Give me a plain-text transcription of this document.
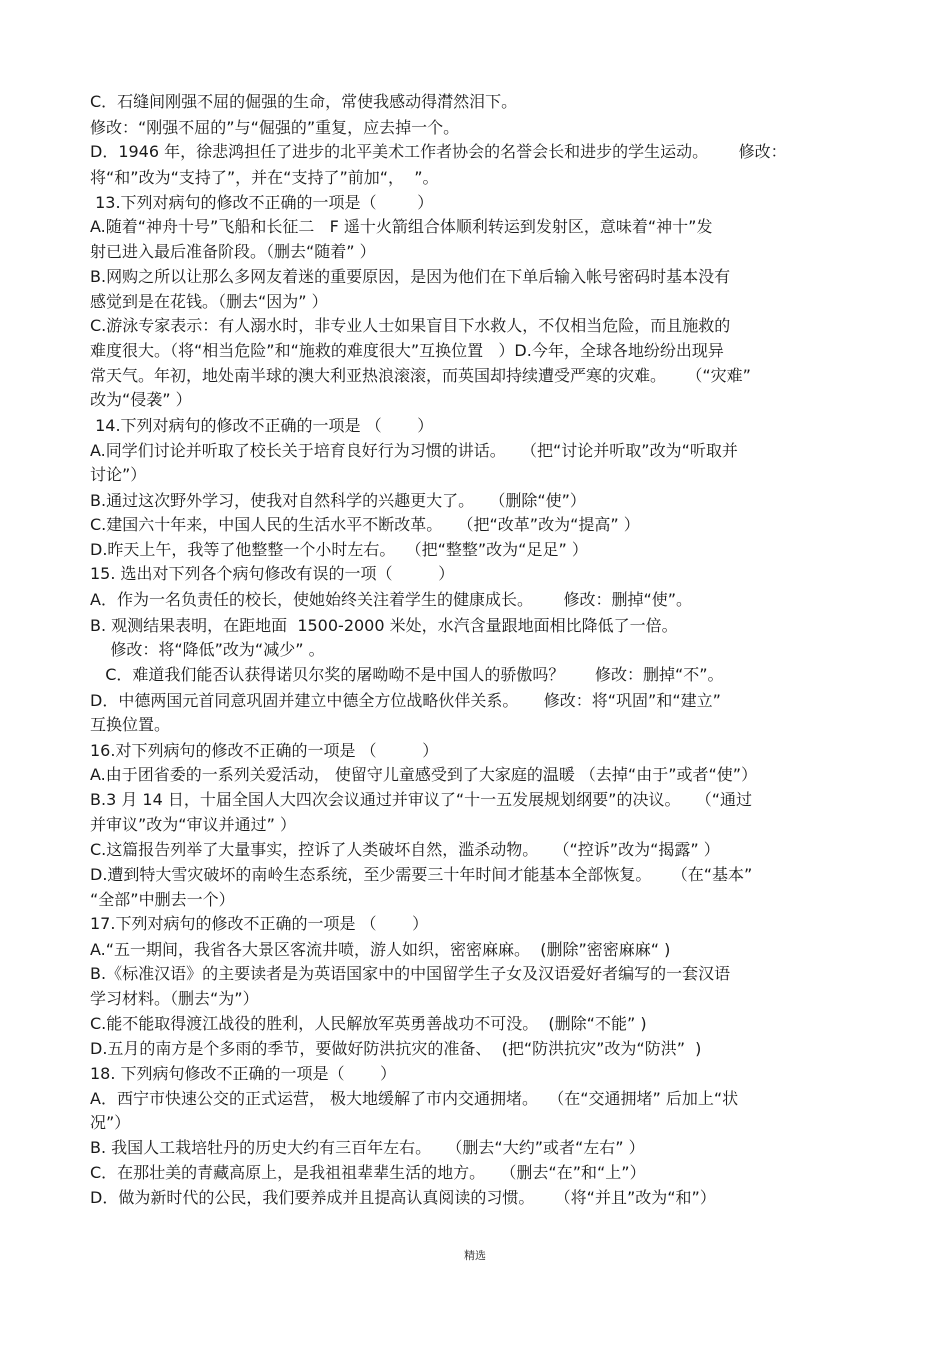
C．石缝间刚强不屈的倔强的生命，常使我感动得潸然泪下。
修改：“刚强不屈的”与“倔强的”重复，应去掉一个。
D．1946 年，徐悲鸿担任了进步的北平美术工作者协会的名誉会长和进步的学生运动。      修改：
将“和”改为“支持了”，并在“支持了”前加“，  ”。
13.下列对病句的修改不正确的一项是（        ）
A.随着“神舟十号”飞船和长征二   F 遥十火箭组合体顺利转运到发射区，意味着“神十”发
射已进入最后准备阶段。（删去“随着” ）
B.网购之所以让那么多网友着迷的重要原因，是因为他们在下单后输入帐号密码时基本没有
感觉到是在花钱。（删去“因为” ）
C.游泳专家表示：有人溺水时，非专业人士如果盲目下水救人，不仅相当危险，而且施救的
难度很大。（将“相当危险”和“施救的难度很大”互换位置   ）D.今年，全球各地纷纷出现异
常天气。年初，地处南半球的澳大利亚热浪滚滚，而英国却持续遭受严寒的灾难。    （“灾难”
改为“侵袭” ）
14.下列对病句的修改不正确的一项是 （       ）
A.同学们讨论并听取了校长关于培育良好行为习惯的讲话。   （把“讨论并听取”改为“听取并
讨论”）
B.通过这次野外学习，使我对自然科学的兴趣更大了。   （删除“使”）
C.建国六十年来，中国人民的生活水平不断改革。   （把“改革”改为“提高” ）
D.昨天上午，我等了他整整一个小时左右。  （把“整整”改为“足足” ）
15. 选出对下列各个病句修改有误的一项（         ）
A．作为一名负责任的校长，使她始终关注着学生的健康成长。      修改：删掉“使”。
B. 观测结果表明，在距地面  1500-2000 米处，水汽含量跟地面相比降低了一倍。
修改：将“降低”改为“减少” 。
C．难道我们能否认获得诺贝尔奖的屠呦呦不是中国人的骄傲吗？      修改：删掉“不”。
D．中德两国元首同意巩固并建立中德全方位战略伙伴关系。     修改：将“巩固”和“建立”
互换位置。
16.对下列病句的修改不正确的一项是 （         ）
A.由于团省委的一系列关爱活动， 使留守儿童感受到了大家庭的温暖 （去掉“由于”或者“使”）
B.3 月 14 日，十届全国人大四次会议通过并审议了“十一五发展规划纲要”的决议。   （“通过
并审议”改为“审议并通过” ）
C.这篇报告列举了大量事实，控诉了人类破坏自然，滥杀动物。   （“控诉”改为“揭露” ）
D.遭到特大雪灾破坏的南岭生态系统，至少需要三十年时间才能基本全部恢复。    （在“基本”
“全部”中删去一个）
17.下列对病句的修改不正确的一项是 （       ）
A.“五一期间，我省各大景区客流井喷，游人如织，密密麻麻。  (删除”密密麻麻“ )
B.《标准汉语》的主要读者是为英语国家中的中国留学生子女及汉语爱好者编写的一套汉语
学习材料。（删去“为”）
C.能不能取得渡江战役的胜利，人民解放军英勇善战功不可没。  (删除“不能” )
D.五月的南方是个多雨的季节，要做好防洪抗灾的准备、  (把“防洪抗灾”改为“防洪”  )
18. 下列病句修改不正确的一项是（       ）
A．西宁市快速公交的正式运营， 极大地缓解了市内交通拥堵。  （在“交通拥堵” 后加上“状
况”）
B. 我国人工栽培牡丹的历史大约有三百年左右。   （删去“大约”或者“左右” ）
C．在那壮美的青藏高原上，是我祖祖辈辈生活的地方。   （删去“在”和“上”）
D．做为新时代的公民，我们要养成并且提高认真阅读的习惯。    （将“并且”改为“和”）
精选
